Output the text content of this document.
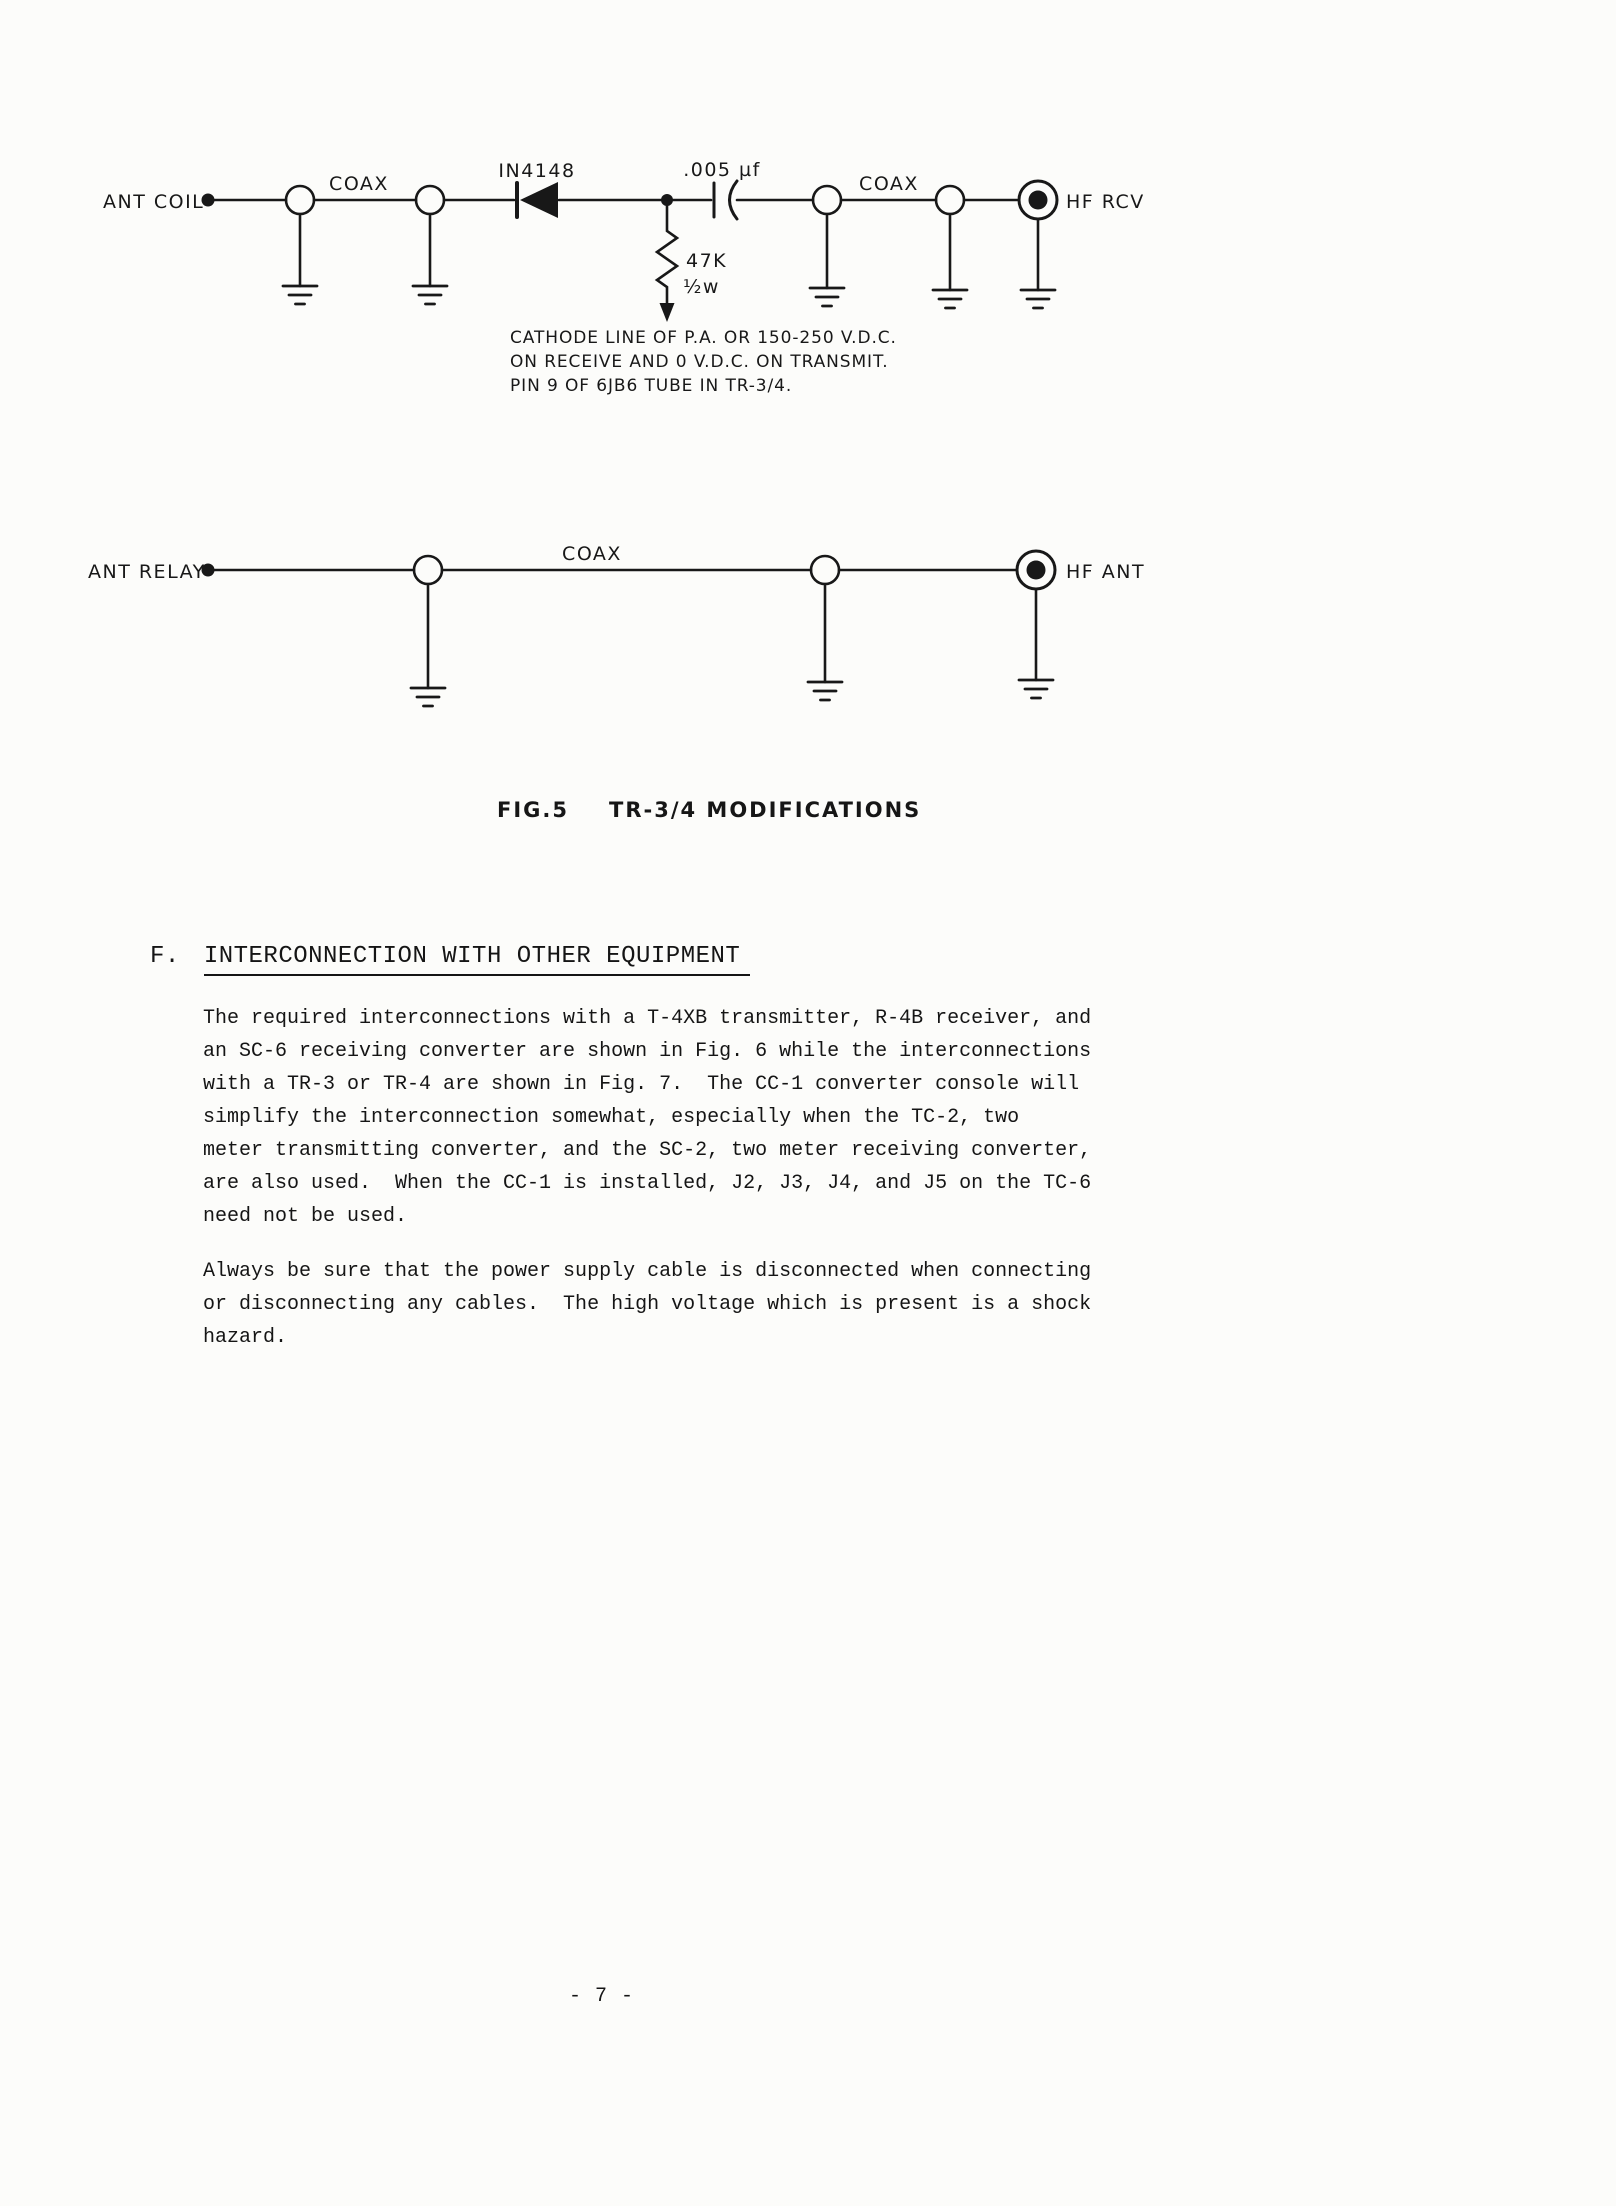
ANT COIL
COAX
IN4148	.005 µf
47K
½w
COAX
HF RCV
CATHODE LINE OF P.A. OR 150-250 V.D.C.
ON RECEIVE AND 0 V.D.C. ON TRANSMIT.
PIN 9 OF 6JB6 TUBE IN TR-3/4.
ANT RELAY
COAX
HF ANT
FIG.5 TR-3/4 MODIFICATIONS
F. INTERCONNECTION WITH OTHER EQUIPMENT

The required interconnections with a T-4XB transmitter, R-4B receiver, and
an SC-6 receiving converter are shown in Fig. 6 while the interconnections
with a TR-3 or TR-4 are shown in Fig. 7.  The CC-1 converter console will
simplify the interconnection somewhat, especially when the TC-2, two
meter transmitting converter, and the SC-2, two meter receiving converter,
are also used.  When the CC-1 is installed, J2, J3, J4, and J5 on the TC-6
need not be used.

Always be sure that the power supply cable is disconnected when connecting
or disconnecting any cables.  The high voltage which is present is a shock
hazard.

- 7 -
